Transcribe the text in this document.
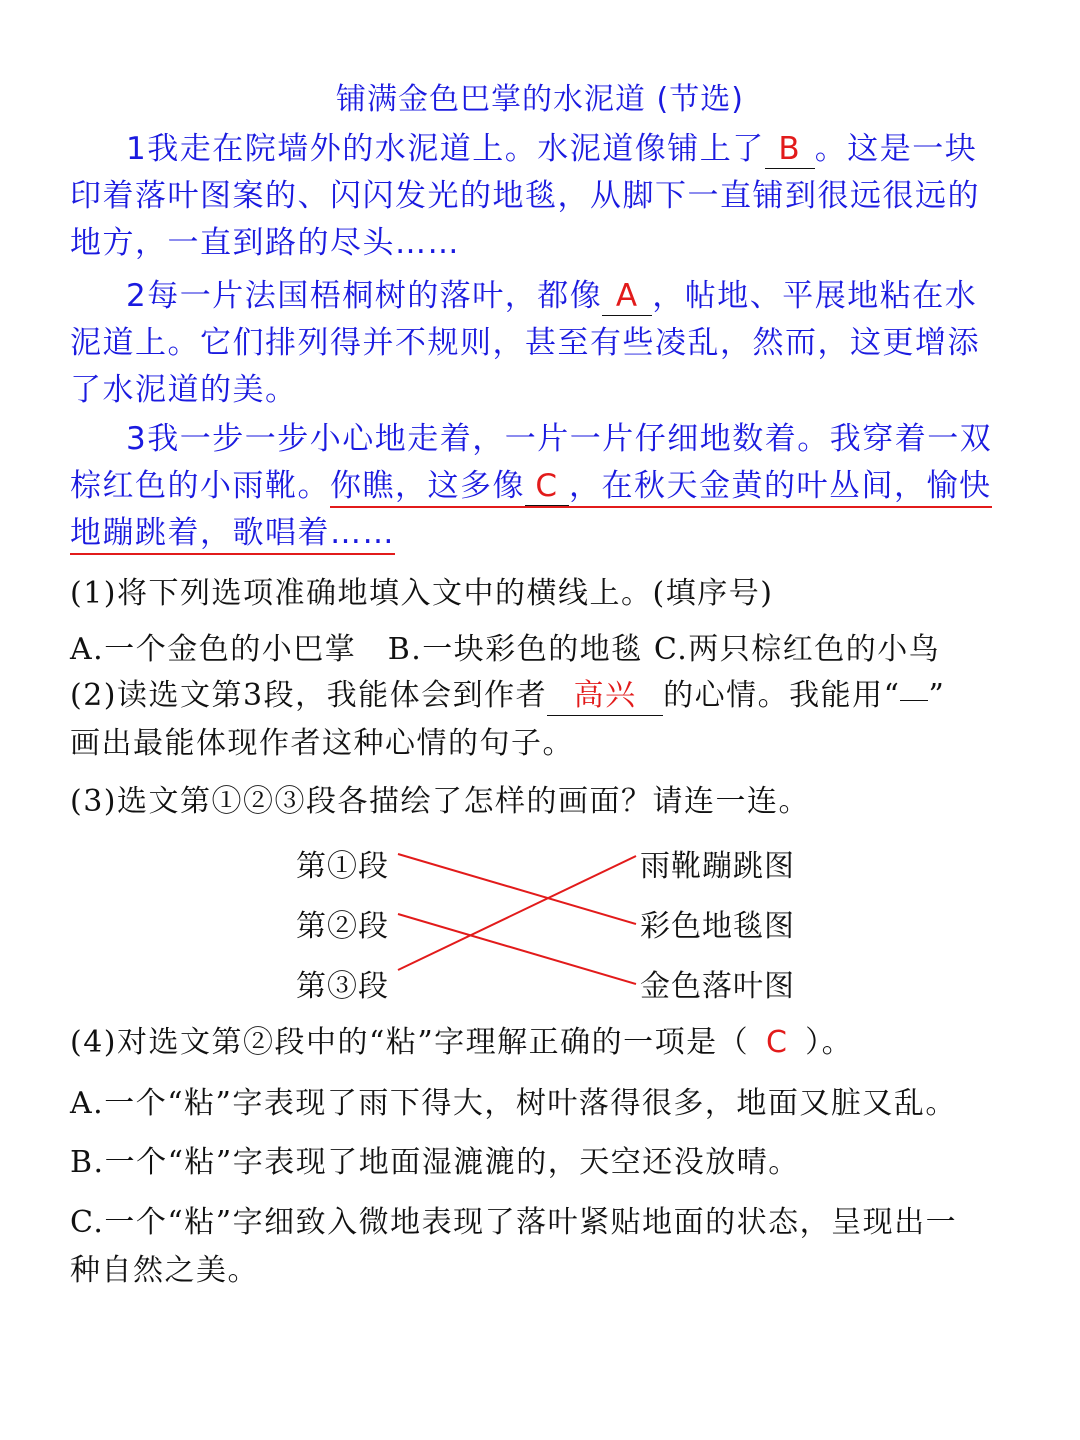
铺满金色巴掌的水泥道 (节选)
1我走在院墙外的水泥道上。水泥道像铺上了 B 。这是一块
印着落叶图案的、闪闪发光的地毯，从脚下一直铺到很远很远的
地方，一直到路的尽头……
2每一片法国梧桐树的落叶，都像 A ，帖地、平展地粘在水
泥道上。它们排列得并不规则，甚至有些凌乱，然而，这更增添
了水泥道的美。
3我一步一步小心地走着，一片一片仔细地数着。我穿着一双
棕红色的小雨靴。你瞧，这多像 C ，在秋天金黄的叶丛间，愉快
地蹦跳着，歌唱着……
(1)将下列选项准确地填入文中的横线上。(填序号)
A.一个金色的小巴掌　B.一块彩色的地毯 C.两只棕红色的小鸟
(2)读选文第3段，我能体会到作者 高兴 的心情。我能用“ ”
画出最能体现作者这种心情的句子。
(3)选文第①②③段各描绘了怎样的画面？请连一连。
第①段
第②段
第③段
雨靴蹦跳图
彩色地毯图
金色落叶图
(4)对选文第②段中的“粘”字理解正确的一项是（ C ）。
A.一个“粘”字表现了雨下得大，树叶落得很多，地面又脏又乱。
B.一个“粘”字表现了地面湿漉漉的，天空还没放晴。
C.一个“粘”字细致入微地表现了落叶紧贴地面的状态，呈现出一
种自然之美。
